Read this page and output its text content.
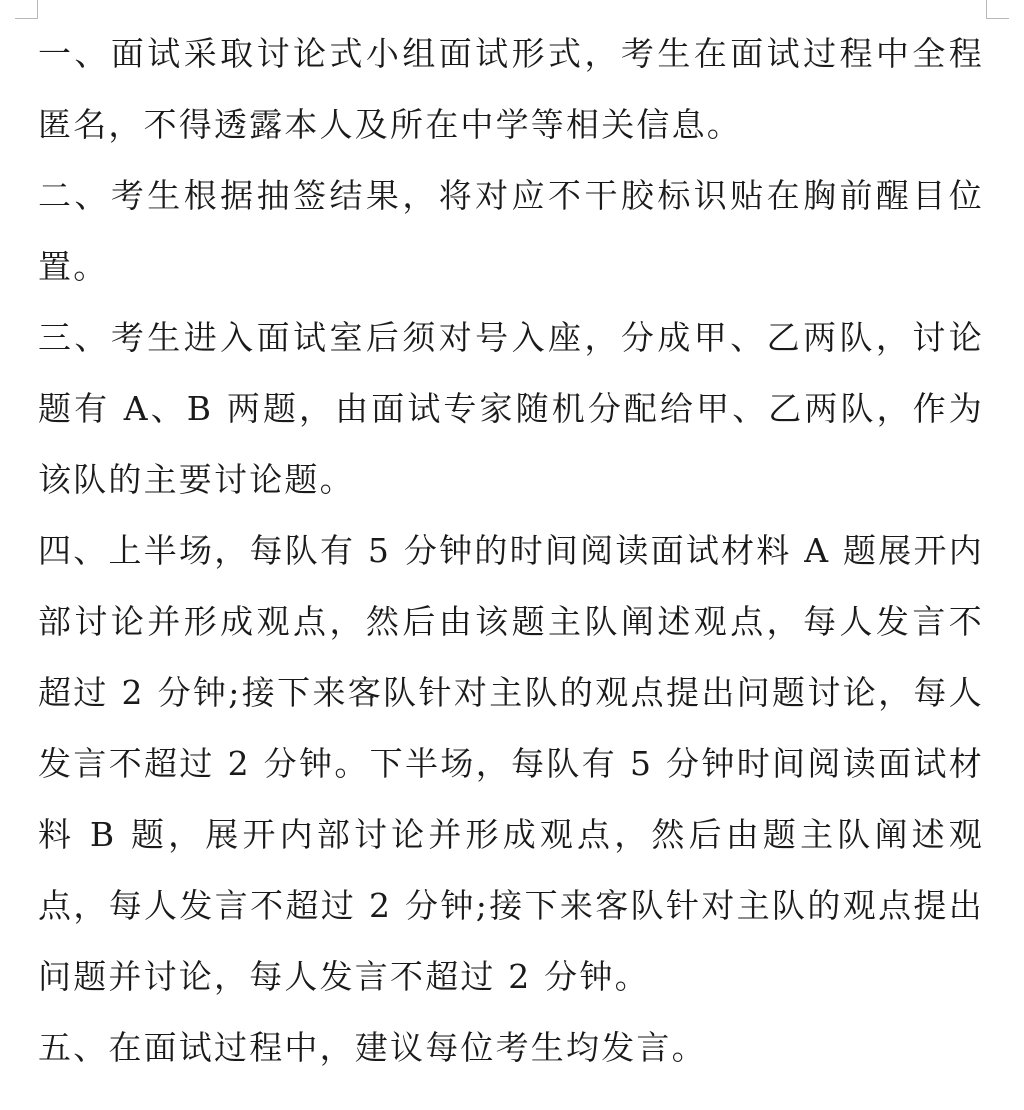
一、面试采取讨论式小组面试形式，考生在面试过程中全程匿名，不得透露本人及所在中学等相关信息。

二、考生根据抽签结果，将对应不干胶标识贴在胸前醒目位置。

三、考生进入面试室后须对号入座，分成甲、乙两队，讨论题有 A、B 两题，由面试专家随机分配给甲、乙两队，作为该队的主要讨论题。

四、上半场，每队有 5 分钟的时间阅读面试材料 A 题展开内部讨论并形成观点，然后由该题主队阐述观点，每人发言不超过 2 分钟;接下来客队针对主队的观点提出问题讨论，每人发言不超过 2 分钟。下半场，每队有 5 分钟时间阅读面试材料 B 题，展开内部讨论并形成观点，然后由题主队阐述观点，每人发言不超过 2 分钟;接下来客队针对主队的观点提出问题并讨论，每人发言不超过 2 分钟。

五、在面试过程中，建议每位考生均发言。
